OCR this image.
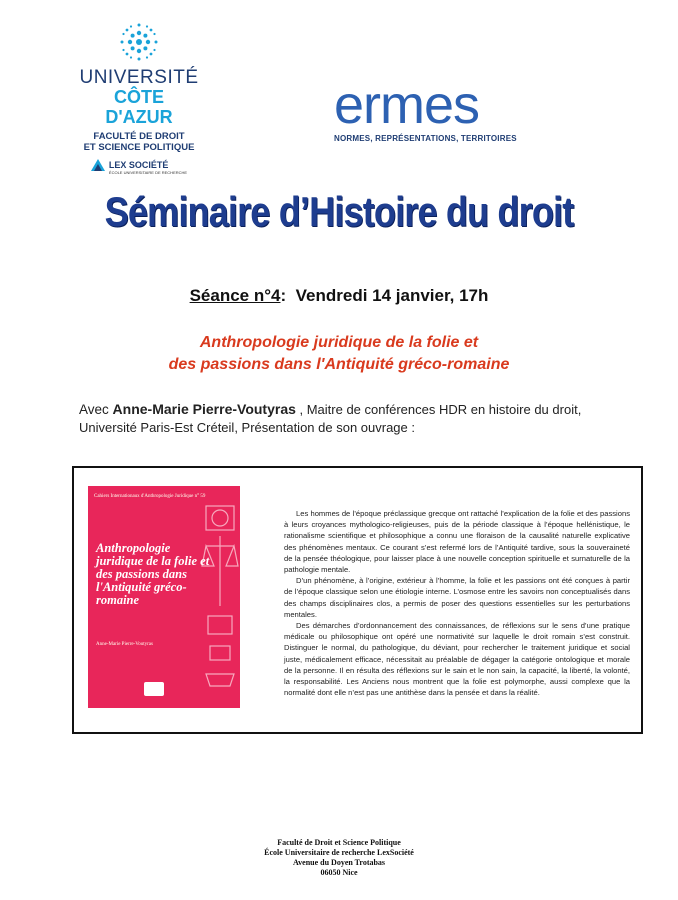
UNIVERSITÉ
CÔTE D'AZUR
FACULTÉ DE DROIT
ET SCIENCE POLITIQUE
LEX SOCIÉTÉ
ÉCOLE UNIVERSITAIRE DE RECHERCHE
ermes
NORMES, REPRÉSENTATIONS, TERRITOIRES
Séminaire d’Histoire du droit
Séance n°4: Vendredi 14 janvier, 17h
Anthropologie juridique de la folie et
des passions dans l'Antiquité gréco-romaine
Avec Anne-Marie Pierre-Voutyras , Maitre de conférences HDR en histoire du droit,
Université Paris-Est Créteil, Présentation de son ouvrage :
Cahiers Internationaux d'Anthropologie Juridique n° 59
Anthropologie juridique de la folie et des passions dans l'Antiquité gréco-romaine
Anne-Marie Pierre-Voutyras

Les hommes de l’époque préclassique grecque ont rattaché l’explication de la folie et des passions à leurs croyances mythologico-religieuses, puis de la période classique à l’époque hellénistique, le rationalisme scientifique et philosophique a connu une floraison de la causalité naturelle explicative des phénomènes mentaux. Ce courant s’est refermé lors de l’Antiquité tardive, sous la souveraineté de la pensée théologique, pour laisser place à une nouvelle conception spirituelle et surnaturelle de la pathologie mentale.

D’un phénomène, à l’origine, extérieur à l’homme, la folie et les passions ont été conçues à partir de l’époque classique selon une étiologie interne. L’osmose entre les savoirs non conceptualisés dans des champs disciplinaires clos, a permis de poser des questions essentielles sur les perturbations mentales.

Des démarches d’ordonnancement des connaissances, de réflexions sur le sens d’une pratique médicale ou philosophique ont opéré une normativité sur laquelle le droit romain s’est construit. Distinguer le normal, du pathologique, du déviant, pour rechercher le traitement juridique et social juste, médicalement efficace, nécessitait au préalable de dégager la catégorie ontologique et morale de la personne. Il en résulta des réflexions sur le sain et le non sain, la capacité, la liberté, la volonté, la responsabilité. Les Anciens nous montrent que la folie est polymorphe, aussi complexe que la normalité dont elle n’est pas une antithèse dans la pensée et dans la réalité.

Faculté de Droit et Science Politique
École Universitaire de recherche LexSociété
Avenue du Doyen Trotabas
06050 Nice
